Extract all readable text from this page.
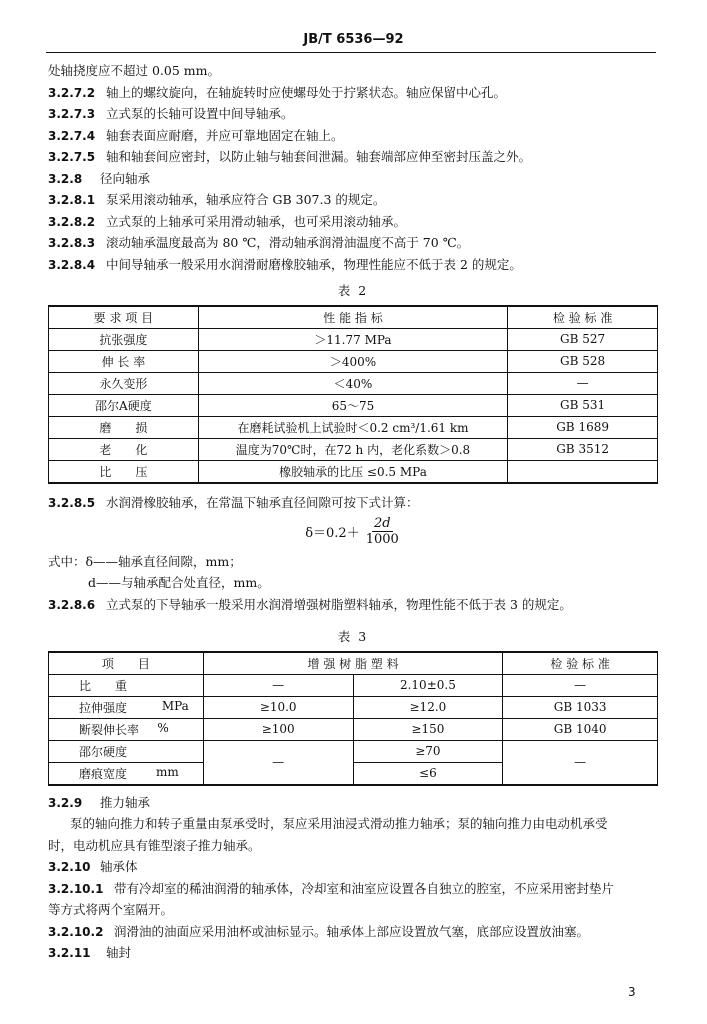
JB/T 6536—92

处轴挠度应不超过 0.05 mm。

3.2.7.2 轴上的螺纹旋向，在轴旋转时应使螺母处于拧紧状态。轴应保留中心孔。

3.2.7.3 立式泵的长轴可设置中间导轴承。

3.2.7.4 轴套表面应耐磨，并应可靠地固定在轴上。

3.2.7.5 轴和轴套间应密封，以防止轴与轴套间泄漏。轴套端部应伸至密封压盖之外。

3.2.8 径向轴承

3.2.8.1 泵采用滚动轴承，轴承应符合 GB 307.3 的规定。

3.2.8.2 立式泵的上轴承可采用滑动轴承，也可采用滚动轴承。

3.2.8.3 滚动轴承温度最高为 80 ℃，滑动轴承润滑油温度不高于 70 ℃。

3.2.8.4 中间导轴承一般采用水润滑耐磨橡胶轴承，物理性能应不低于表 2 的规定。

表 2
要 求 项 目	性 能 指 标	检 验 标 准
抗张强度	＞11.77 MPa	GB 527
伸 长 率	＞400%	GB 528
永久变形	＜40%	—
邵尔A硬度	65～75	GB 531
磨　　损	在磨耗试验机上试验时＜0.2 cm³/1.61 km	GB 1689
老　　化	温度为70℃时，在72 h 内，老化系数＞0.8	GB 3512
比　　压	橡胶轴承的比压 ≤0.5 MPa	

3.2.8.5 水润滑橡胶轴承，在常温下轴承直径间隙可按下式计算：

$\delta=0.2+ \frac{2d}{1000}$

式中：δ——轴承直径间隙，mm；

d——与轴承配合处直径，mm。

3.2.8.6 立式泵的下导轴承一般采用水润滑增强树脂塑料轴承，物理性能不低于表 3 的规定。

表 3
项　　目	增 强 树 脂 塑 料		检 验 标 准
比　　重	—	2.10±0.5	—
拉伸强度 MPa	≥10.0	≥12.0	GB 1033
断裂伸长率 %	≥100	≥150	GB 1040
邵尔硬度	—	≥70	—
磨痕宽度 mm		≤6	

3.2.9 推力轴承

泵的轴向推力和转子重量由泵承受时，泵应采用油浸式滑动推力轴承；泵的轴向推力由电动机承受

时，电动机应具有锥型滚子推力轴承。

3.2.10 轴承体

3.2.10.1 带有冷却室的稀油润滑的轴承体，冷却室和油室应设置各自独立的腔室，不应采用密封垫片

等方式将两个室隔开。

3.2.10.2 润滑油的油面应采用油杯或油标显示。轴承体上部应设置放气塞，底部应设置放油塞。

3.2.11 轴封

3
